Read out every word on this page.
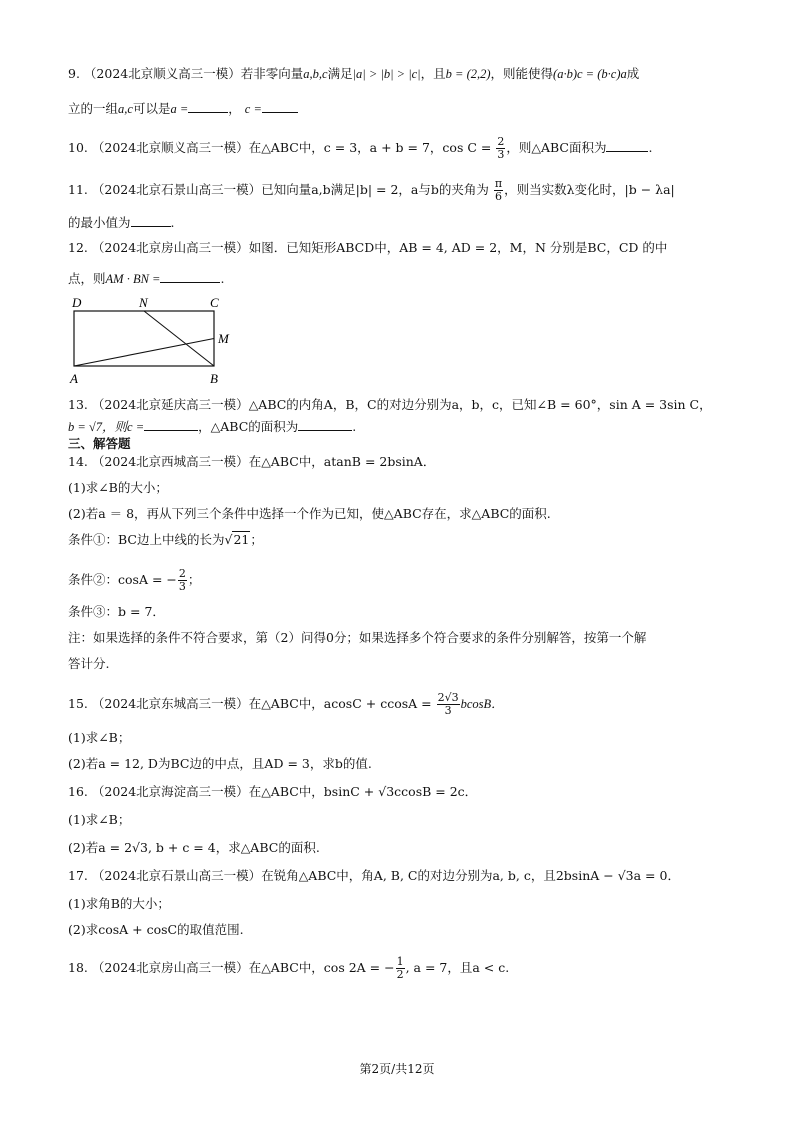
9. （2024北京顺义高三一模）若非零向量a,b,c满足|a| > |b| > |c|，且b = (2,2)，则能使得(a·b)c = (b·c)a成
立的一组a,c可以是a =	， c =
10. （2024北京顺义高三一模）在△ABC中，c = 3，a + b = 7，$\cos C = \frac{2}{3}$ ，则△ABC面积为	.
11. （2024北京石景山高三一模）已知向量a,b满足|b| = 2，a与b的夹角为 $\frac{\pi}{6}$ ，则当实数λ变化时，|b − λa|
的最小值为	.
12. （2024北京房山高三一模）如图．已知矩形ABCD中，AB = 4, AD = 2，M，N 分别是BC，CD 的中
点，则AM · BN =	.
D	N	C
M
A	B
13. （2024北京延庆高三一模）△ABC的内角A，B，C的对边分别为a，b，c，已知∠B = 60°，sin A = 3sin C，
b = √7，则c =	，△ABC的面积为	.
三、解答题
14. （2024北京西城高三一模）在△ABC中，atanB = 2bsinA．
(1)求∠B的大小；
(2)若a ＝ 8，再从下列三个条件中选择一个作为已知，使△ABC存在，求△ABC的面积.
条件①：BC边上中线的长为√21；
条件②：cosA = − $\frac{2}{3}$ ；
条件③：b = 7．
注：如果选择的条件不符合要求，第（2）问得0分；如果选择多个符合要求的条件分别解答，按第一个解
答计分.
15. （2024北京东城高三一模）在△ABC中，$acosC + ccosA = \frac{2√3}{3}$ bcosB．
(1)求∠B；
(2)若a = 12, D为BC边的中点，且AD = 3，求b的值.
16. （2024北京海淀高三一模）在△ABC中，bsinC + √3ccosB = 2c．
(1)求∠B；
(2)若a = 2√3, b + c = 4，求△ABC的面积.
17. （2024北京石景山高三一模）在锐角△ABC中，角A, B, C的对边分别为a, b, c，且2bsinA − √3a = 0．
(1)求角B的大小；
(2)求cosA + cosC的取值范围.
18. （2024北京房山高三一模）在△ABC中，cos 2A = − $\frac{1}{2}$ , a = 7，且a < c.
第2页/共12页
